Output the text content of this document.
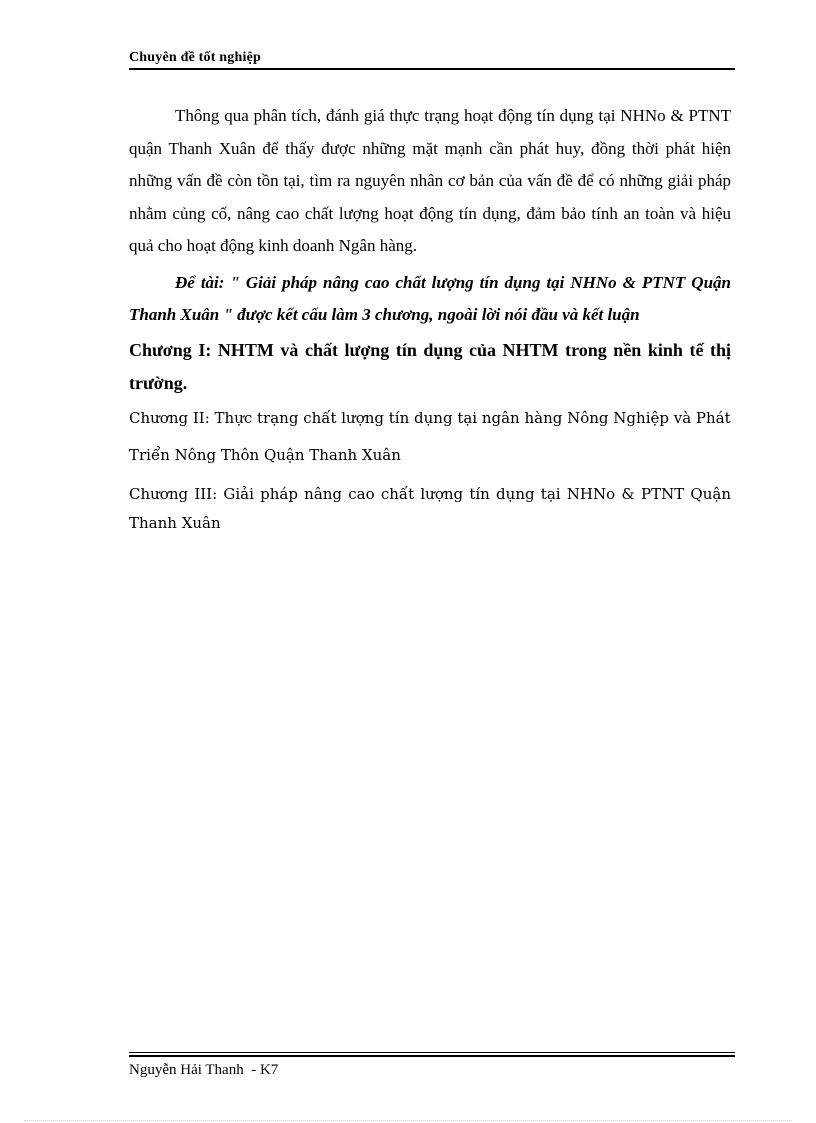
Chuyên đề tốt nghiệp

Thông qua phân tích, đánh giá thực trạng hoạt động tín dụng tại NHNo & PTNT quận Thanh Xuân để thấy được những mặt mạnh cần phát huy, đồng thời phát hiện những vấn đề còn tồn tại, tìm ra nguyên nhân cơ bản của vấn đề để có những giải pháp nhằm củng cố, nâng cao chất lượng hoạt động tín dụng, đảm bảo tính an toàn và hiệu quả cho hoạt động kinh doanh Ngân hàng.

Để tài: " Giải pháp nâng cao chất lượng tín dụng tại NHNo & PTNT Quận Thanh Xuân " được kết cấu làm 3 chương, ngoài lời nói đầu và kết luận

Chương I: NHTM và chất lượng tín dụng của NHTM trong nền kinh tế thị trường.

Chương II: Thực trạng chất lượng tín dụng tại ngân hàng Nông Nghiệp và Phát Triển Nông Thôn Quận Thanh Xuân

Chương III: Giải pháp nâng cao chất lượng tín dụng tại NHNo & PTNT Quận Thanh Xuân

Nguyễn Hải Thanh  - K7
